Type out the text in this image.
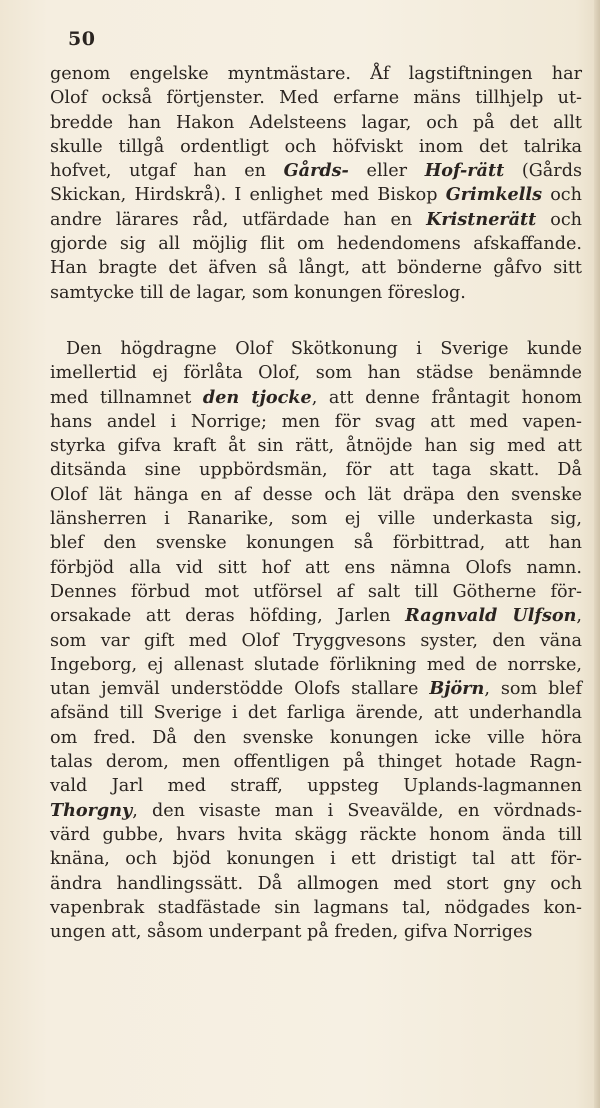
50
genom engelske myntmästare. Åf lagstiftningen har
Olof också förtjenster. Med erfarne mäns tillhjelp ut-
bredde han Hakon Adelsteens lagar, och på det allt
skulle tillgå ordentligt och höfviskt inom det talrika
hofvet, utgaf han en Gårds- eller Hof-rätt (Gårds
Skickan, Hirdskrå). I enlighet med Biskop Grimkells och
andre lärares råd, utfärdade han en Kristnerätt och
gjorde sig all möjlig flit om hedendomens afskaffande.
Han bragte det äfven så långt, att bönderne gåfvo sitt
samtycke till de lagar, som konungen föreslog.
Den högdragne Olof Skötkonung i Sverige kunde
imellertid ej förlåta Olof, som han städse benämnde
med tillnamnet den tjocke, att denne fråntagit honom
hans andel i Norrige; men för svag att med vapen-
styrka gifva kraft åt sin rätt, åtnöjde han sig med att
ditsända sine uppbördsmän, för att taga skatt. Då
Olof lät hänga en af desse och lät dräpa den svenske
länsherren i Ranarike, som ej ville underkasta sig,
blef den svenske konungen så förbittrad, att han
förbjöd alla vid sitt hof att ens nämna Olofs namn.
Dennes förbud mot utförsel af salt till Götherne för-
orsakade att deras höfding, Jarlen Ragnvald Ulfson,
som var gift med Olof Tryggvesons syster, den väna
Ingeborg, ej allenast slutade förlikning med de norrske,
utan jemväl understödde Olofs stallare Björn, som blef
afsänd till Sverige i det farliga ärende, att underhandla
om fred. Då den svenske konungen icke ville höra
talas derom, men offentligen på thinget hotade Ragn-
vald Jarl med straff, uppsteg Uplands-lagmannen
Thorgny, den visaste man i Sveavälde, en vördnads-
värd gubbe, hvars hvita skägg räckte honom ända till
knäna, och bjöd konungen i ett dristigt tal att för-
ändra handlingssätt. Då allmogen med stort gny och
vapenbrak stadfästade sin lagmans tal, nödgades kon-
ungen att, såsom underpant på freden, gifva Norriges
